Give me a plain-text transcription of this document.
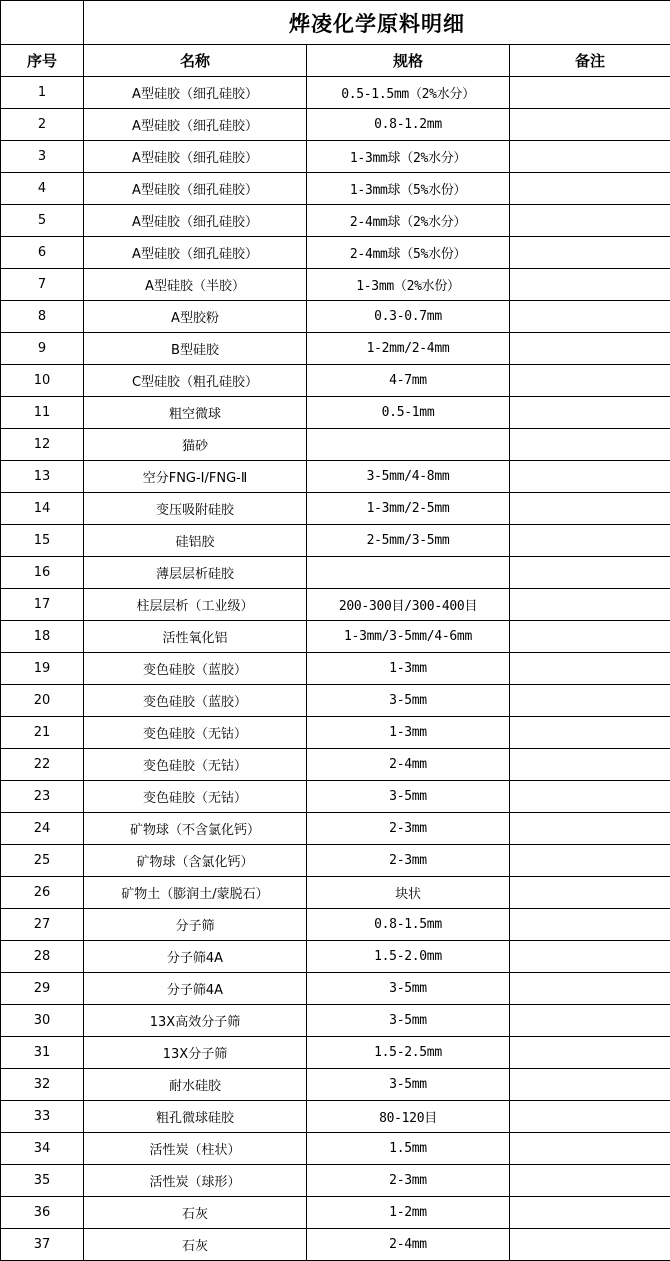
	烨凌化学原料明细		
序号	名称	规格	备注
1	A型硅胶（细孔硅胶）	0.5-1.5mm（2%水分）	
2	A型硅胶（细孔硅胶）	0.8-1.2mm	
3	A型硅胶（细孔硅胶）	1-3mm球（2%水分）	
4	A型硅胶（细孔硅胶）	1-3mm球（5%水份）	
5	A型硅胶（细孔硅胶）	2-4mm球（2%水分）	
6	A型硅胶（细孔硅胶）	2-4mm球（5%水份）	
7	A型硅胶（半胶）	1-3mm（2%水份）	
8	A型胶粉	0.3-0.7mm	
9	B型硅胶	1-2mm/2-4mm	
10	C型硅胶（粗孔硅胶）	4-7mm	
11	粗空微球	0.5-1mm	
12	猫砂		
13	空分FNG-Ⅰ/FNG-Ⅱ	3-5mm/4-8mm	
14	变压吸附硅胶	1-3mm/2-5mm	
15	硅铝胶	2-5mm/3-5mm	
16	薄层层析硅胶		
17	柱层层析（工业级）	200-300目/300-400目	
18	活性氧化铝	1-3mm/3-5mm/4-6mm	
19	变色硅胶（蓝胶）	1-3mm	
20	变色硅胶（蓝胶）	3-5mm	
21	变色硅胶（无钴）	1-3mm	
22	变色硅胶（无钴）	2-4mm	
23	变色硅胶（无钴）	3-5mm	
24	矿物球（不含氯化钙）	2-3mm	
25	矿物球（含氯化钙）	2-3mm	
26	矿物土（膨润土/蒙脱石）	块状	
27	分子筛	0.8-1.5mm	
28	分子筛4A	1.5-2.0mm	
29	分子筛4A	3-5mm	
30	13X高效分子筛	3-5mm	
31	13X分子筛	1.5-2.5mm	
32	耐水硅胶	3-5mm	
33	粗孔微球硅胶	80-120目	
34	活性炭（柱状）	1.5mm	
35	活性炭（球形）	2-3mm	
36	石灰	1-2mm	
37	石灰	2-4mm	
